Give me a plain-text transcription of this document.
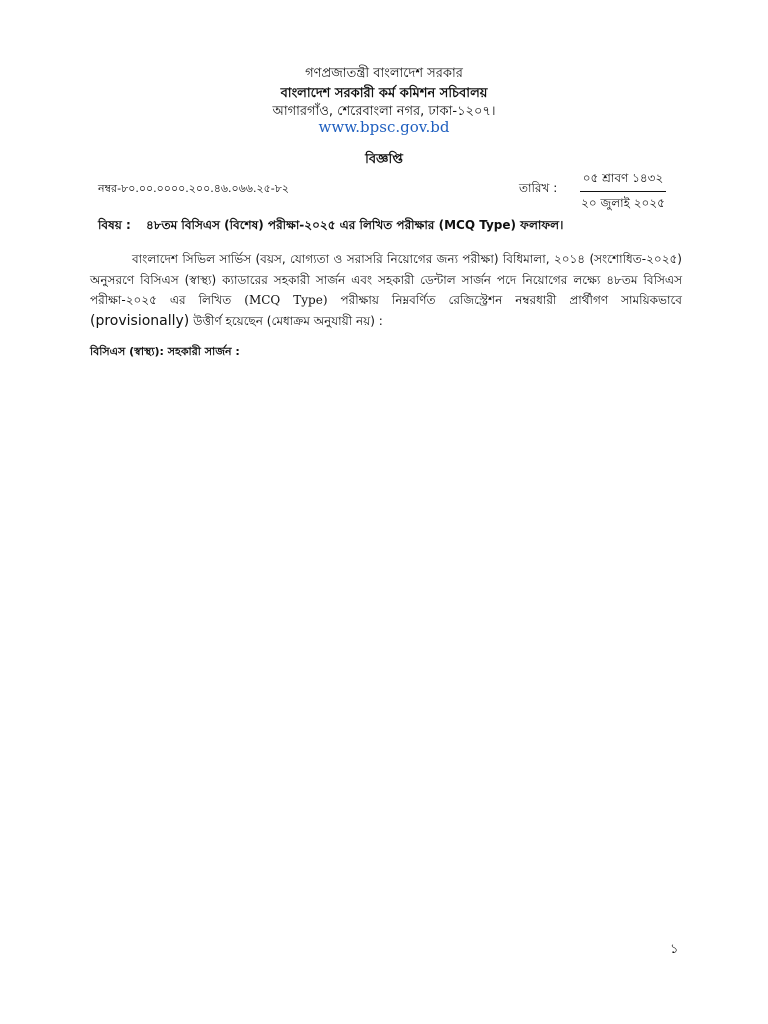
গণপ্রজাতন্ত্রী বাংলাদেশ সরকার
বাংলাদেশ সরকারী কর্ম কমিশন সচিবালয়
আগারগাঁও, শেরেবাংলা নগর, ঢাকা-১২০৭।
www.bpsc.gov.bd
বিজ্ঞপ্তি
নম্বর-৮০.০০.০০০০.২০০.৪৬.০৬৬.২৫-৮২	তারিখ :
০৫ শ্রাবণ ১৪৩২
২০ জুলাই ২০২৫
বিষয় : ৪৮তম বিসিএস (বিশেষ) পরীক্ষা-২০২৫ এর লিখিত পরীক্ষার (MCQ Type) ফলাফল।
বাংলাদেশ সিভিল সার্ভিস (বয়স, যোগ্যতা ও সরাসরি নিয়োগের জন্য পরীক্ষা) বিধিমালা, ২০১৪ (সংশোধিত-২০২৫) অনুসরণে বিসিএস (স্বাস্থ্য) ক্যাডারের সহকারী সার্জন এবং সহকারী ডেন্টাল সার্জন পদে নিয়োগের লক্ষ্যে ৪৮তম বিসিএস পরীক্ষা-২০২৫ এর লিখিত (MCQ Type) পরীক্ষায় নিম্নবর্ণিত রেজিস্ট্রেশন নম্বরধারী প্রার্থীগণ সাময়িকভাবে (provisionally) উত্তীর্ণ হয়েছেন (মেধাক্রম অনুযায়ী নয়) :
বিসিএস (স্বাস্থ্য): সহকারী সার্জন :
১
